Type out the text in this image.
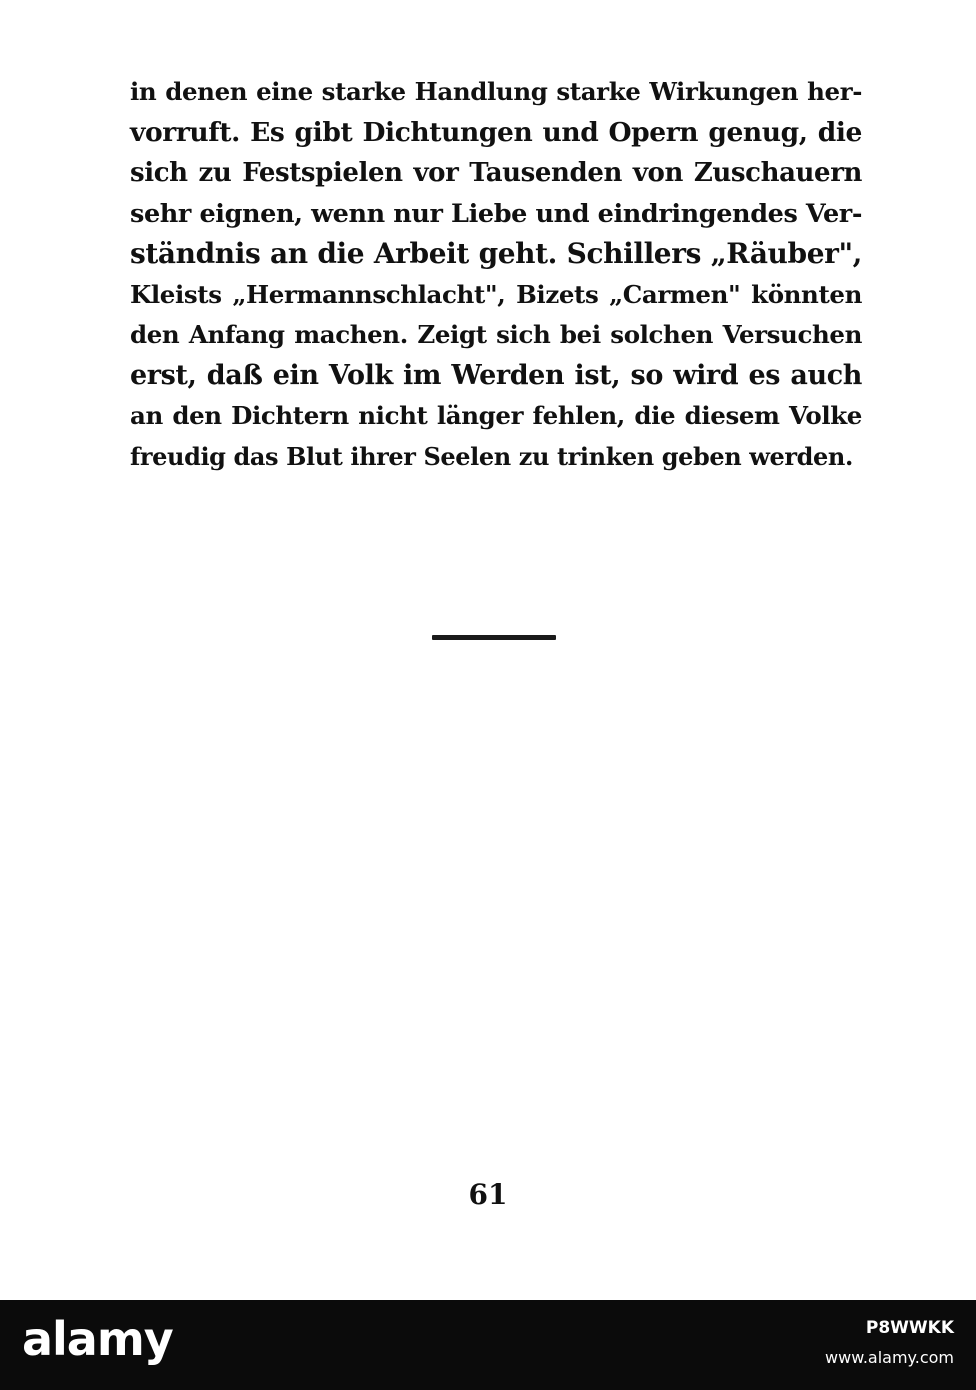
in denen eine starke Handlung starke Wirkungen her-
vorruft. Es gibt Dichtungen und Opern genug, die
sich zu Festspielen vor Tausenden von Zuschauern
sehr eignen, wenn nur Liebe und eindringendes Ver-
ständnis an die Arbeit geht. Schillers „Räuber",
Kleists „Hermannschlacht", Bizets „Carmen" könnten
den Anfang machen. Zeigt sich bei solchen Versuchen
erst, daß ein Volk im Werden ist, so wird es auch
an den Dichtern nicht länger fehlen, die diesem Volke
freudig das Blut ihrer Seelen zu trinken geben werden.
61
alamy	P8WWKK
www.alamy.com
